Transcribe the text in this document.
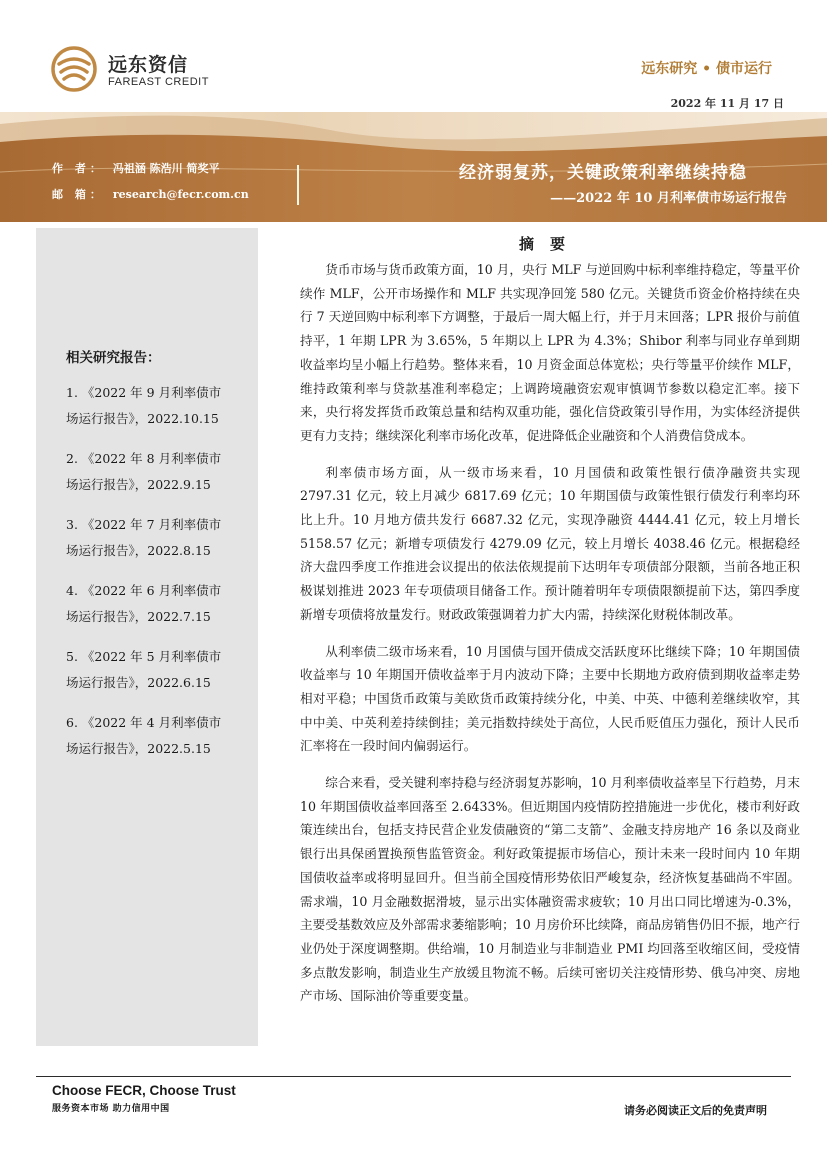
远东资信
FAREAST CREDIT
远东研究 • 债市运行
2022 年 11 月 17 日
作 者： 冯祖涵 陈浩川 简奖平
邮 箱： research@fecr.com.cn
经济弱复苏，关键政策利率继续持稳
——2022 年 10 月利率债市场运行报告
相关研究报告：
1. 《2022 年 9 月利率债市
场运行报告》，2022.10.15
2. 《2022 年 8 月利率债市
场运行报告》，2022.9.15
3. 《2022 年 7 月利率债市
场运行报告》，2022.8.15
4. 《2022 年 6 月利率债市
场运行报告》，2022.7.15
5. 《2022 年 5 月利率债市
场运行报告》，2022.6.15
6. 《2022 年 4 月利率债市
场运行报告》，2022.5.15
摘要

货币市场与货币政策方面，10 月，央行 MLF 与逆回购中标利率维持稳定，等量平价续作 MLF，公开市场操作和 MLF 共实现净回笼 580 亿元。关键货币资金价格持续在央行 7 天逆回购中标利率下方调整，于最后一周大幅上行，并于月末回落；LPR 报价与前值持平，1 年期 LPR 为 3.65%，5 年期以上 LPR 为 4.3%；Shibor 利率与同业存单到期收益率均呈小幅上行趋势。整体来看，10 月资金面总体宽松；央行等量平价续作 MLF，维持政策利率与贷款基准利率稳定；上调跨境融资宏观审慎调节参数以稳定汇率。接下来，央行将发挥货币政策总量和结构双重功能，强化信贷政策引导作用，为实体经济提供更有力支持；继续深化利率市场化改革，促进降低企业融资和个人消费信贷成本。

利率债市场方面，从一级市场来看，10 月国债和政策性银行债净融资共实现 2797.31 亿元，较上月减少 6817.69 亿元；10 年期国债与政策性银行债发行利率均环比上升。10 月地方债共发行 6687.32 亿元，实现净融资 4444.41 亿元，较上月增长 5158.57 亿元；新增专项债发行 4279.09 亿元，较上月增长 4038.46 亿元。根据稳经济大盘四季度工作推进会议提出的依法依规提前下达明年专项债部分限额，当前各地正积极谋划推进 2023 年专项债项目储备工作。预计随着明年专项债限额提前下达，第四季度新增专项债将放量发行。财政政策强调着力扩大内需，持续深化财税体制改革。

从利率债二级市场来看，10 月国债与国开债成交活跃度环比继续下降；10 年期国债收益率与 10 年期国开债收益率于月内波动下降；主要中长期地方政府债到期收益率走势相对平稳；中国货币政策与美欧货币政策持续分化，中美、中英、中德利差继续收窄，其中中美、中英利差持续倒挂；美元指数持续处于高位，人民币贬值压力强化，预计人民币汇率将在一段时间内偏弱运行。

综合来看，受关键利率持稳与经济弱复苏影响，10 月利率债收益率呈下行趋势，月末 10 年期国债收益率回落至 2.6433%。但近期国内疫情防控措施进一步优化，楼市利好政策连续出台，包括支持民营企业发债融资的“第二支箭”、金融支持房地产 16 条以及商业银行出具保函置换预售监管资金。利好政策提振市场信心，预计未来一段时间内 10 年期国债收益率或将明显回升。但当前全国疫情形势依旧严峻复杂，经济恢复基础尚不牢固。需求端，10 月金融数据滑坡，显示出实体融资需求疲软；10 月出口同比增速为-0.3%，主要受基数效应及外部需求萎缩影响；10 月房价环比续降，商品房销售仍旧不振，地产行业仍处于深度调整期。供给端，10 月制造业与非制造业 PMI 均回落至收缩区间，受疫情多点散发影响，制造业生产放缓且物流不畅。后续可密切关注疫情形势、俄乌冲突、房地产市场、国际油价等重要变量。

Choose FECR, Choose Trust
服务资本市场 助力信用中国	请务必阅读正文后的免责声明
